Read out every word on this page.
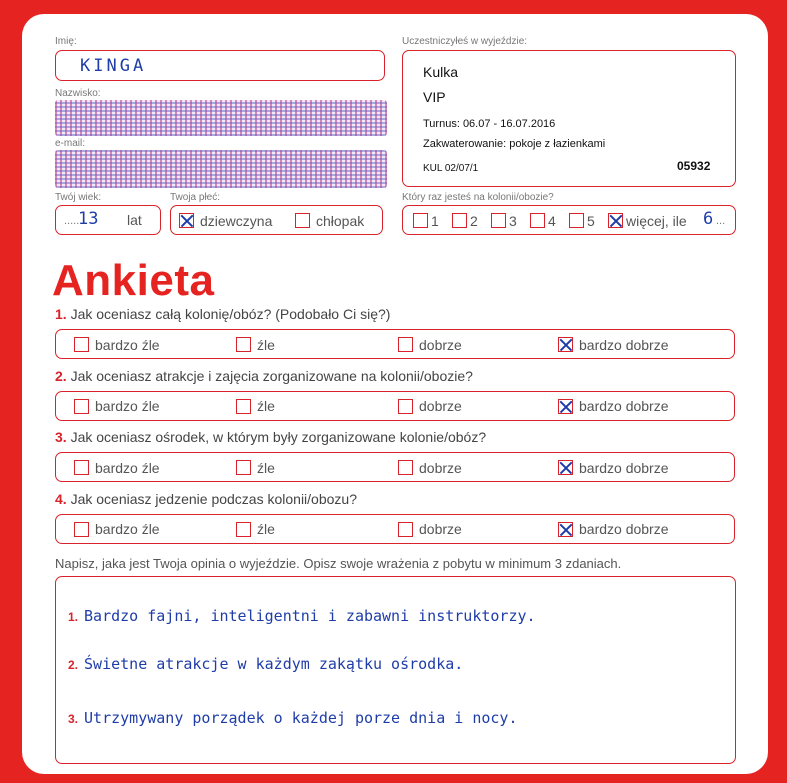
Imię:
KINGA
Nazwisko:
e-mail:
Twój wiek:
......
13 lat
Twoja płeć:
dziewczyna	chłopak
Uczestniczyłeś w wyjeździe:
Kulka
VIP
Turnus: 06.07 - 16.07.2016
Zakwaterowanie: pokoje z łazienkami
KUL 02/07/1	05932
Który raz jesteś na kolonii/obozie?
1	2	3	4	5	więcej, ile 6 ...
Ankieta
1. Jak oceniasz całą kolonię/obóz? (Podobało Ci się?)
bardzo źle	źle	dobrze	bardzo dobrze
2. Jak oceniasz atrakcje i zajęcia zorganizowane na kolonii/obozie?
bardzo źle	źle	dobrze	bardzo dobrze
3. Jak oceniasz ośrodek, w którym były zorganizowane kolonie/obóz?
bardzo źle	źle	dobrze	bardzo dobrze
4. Jak oceniasz jedzenie podczas kolonii/obozu?
bardzo źle	źle	dobrze	bardzo dobrze
Napisz, jaka jest Twoja opinia o wyjeździe. Opisz swoje wrażenia z pobytu w minimum 3 zdaniach.
1. Bardzo fajni, inteligentni i zabawni instruktorzy.
2. Świetne atrakcje w każdym zakątku ośrodka.
3. Utrzymywany porządek o każdej porze dnia i nocy.
